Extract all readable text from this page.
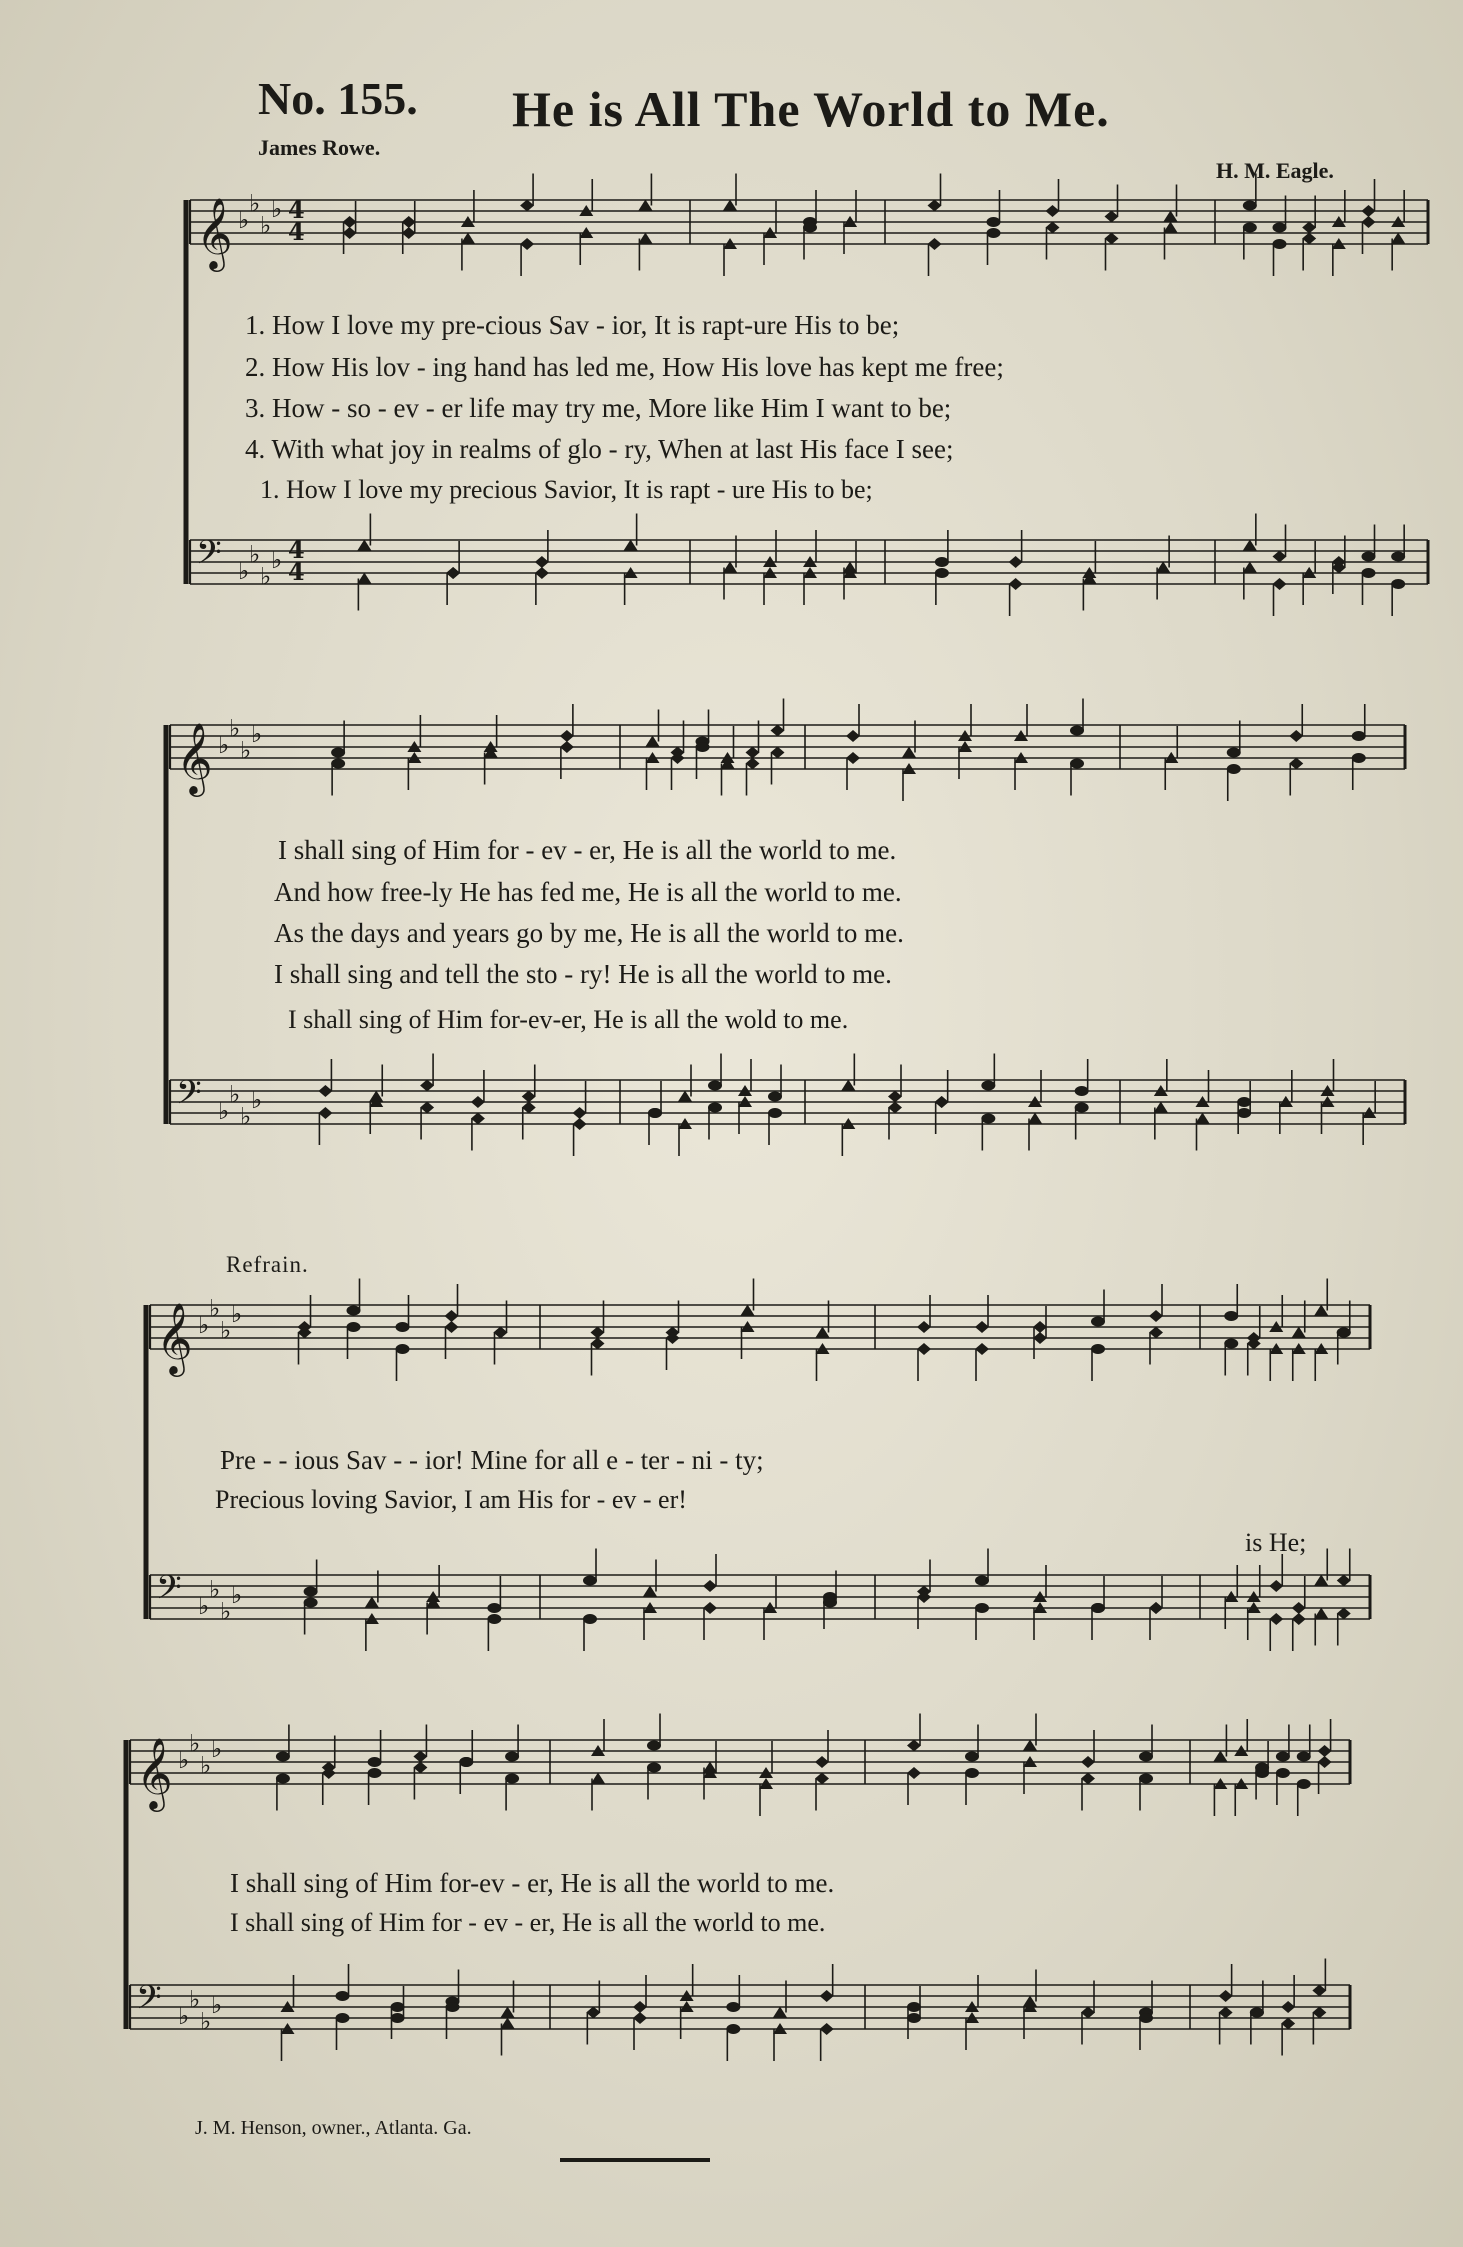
No. 155. He is All The World to Me.
James Rowe.
H. M. Eagle.
𝄞 ♭
♭
♭
♭
𝄢 ♭
♭
♭
♭
4
4
4
4
1. How I love my pre-cious Sav - ior, It is rapt-ure His to be;
2. How His lov - ing hand has led me, How His love has kept me free;
3. How - so - ev - er life may try me, More like Him I want to be;
4. With what joy in realms of glo - ry, When at last His face I see;
1. How I love my precious Savior, It is rapt - ure His to be;
𝄞 ♭
♭
♭
♭
𝄢 ♭
♭
♭
♭
I shall sing of Him for - ev - er, He is all the world to me.
And how free-ly He has fed me, He is all the world to me.
As the days and years go by me, He is all the world to me.
I shall sing and tell the sto - ry! He is all the world to me.
I shall sing of Him for-ev-er, He is all the wold to me.
Refrain.
𝄞 ♭
♭
♭
♭
𝄢 ♭
♭
♭
♭
Pre - - ious Sav - - ior! Mine for all e - ter - ni - ty;
Precious loving Savior, I am His for - ev - er!
is He;
𝄞 ♭
♭
♭
♭
𝄢 ♭
♭
♭
♭
I shall sing of Him for-ev - er, He is all the world to me.
I shall sing of Him for - ev - er, He is all the world to me.
J. M. Henson, owner., Atlanta. Ga.
